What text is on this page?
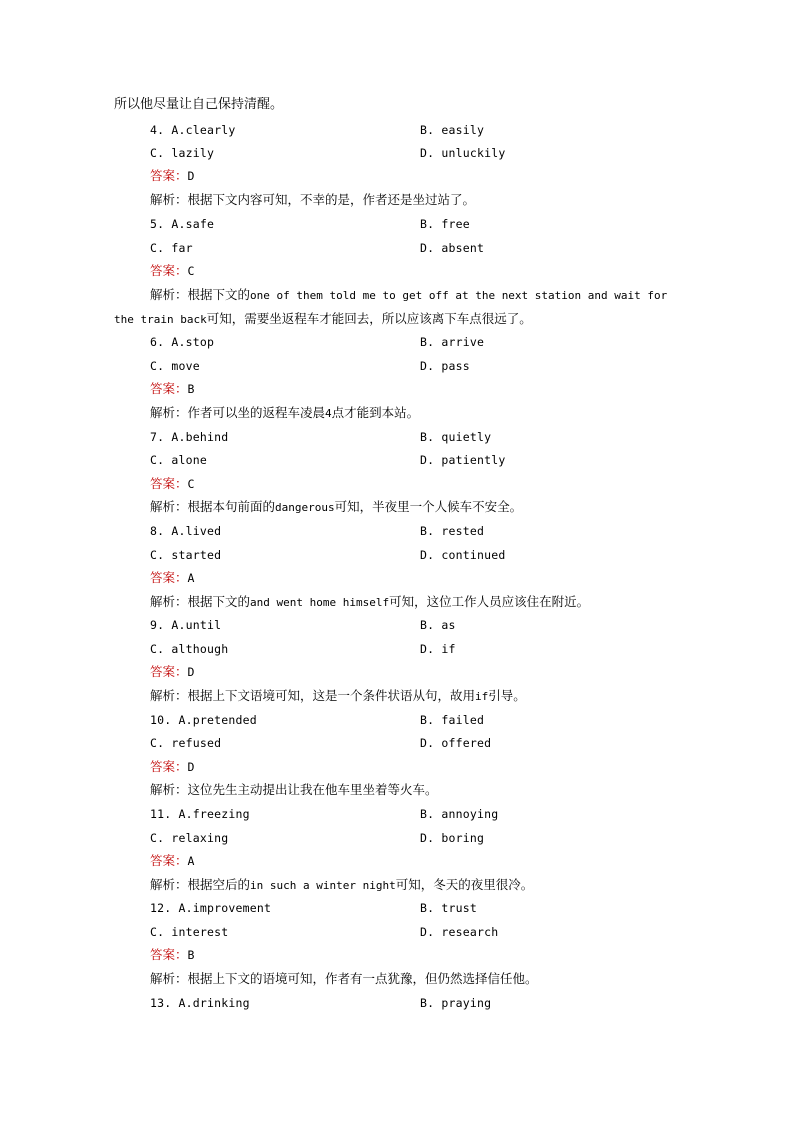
所以他尽量让自己保持清醒。
4. A.clearly	B. easily
C. lazily	D. unluckily
答案：D
解析：根据下文内容可知，不幸的是，作者还是坐过站了。
5. A.safe	B. free
C. far	D. absent
答案：C
解析：根据下文的one of them told me to get off at the next station and wait for
the train back可知，需要坐返程车才能回去，所以应该离下车点很远了。
6. A.stop	B. arrive
C. move	D. pass
答案：B
解析：作者可以坐的返程车凌晨4点才能到本站。
7. A.behind	B. quietly
C. alone	D. patiently
答案：C
解析：根据本句前面的dangerous可知，半夜里一个人候车不安全。
8. A.lived	B. rested
C. started	D. continued
答案：A
解析：根据下文的and went home himself可知，这位工作人员应该住在附近。
9. A.until	B. as
C. although	D. if
答案：D
解析：根据上下文语境可知，这是一个条件状语从句，故用if引导。
10. A.pretended	B. failed
C. refused	D. offered
答案：D
解析：这位先生主动提出让我在他车里坐着等火车。
11. A.freezing	B. annoying
C. relaxing	D. boring
答案：A
解析：根据空后的in such a winter night可知，冬天的夜里很冷。
12. A.improvement	B. trust
C. interest	D. research
答案：B
解析：根据上下文的语境可知，作者有一点犹豫，但仍然选择信任他。
13. A.drinking	B. praying
